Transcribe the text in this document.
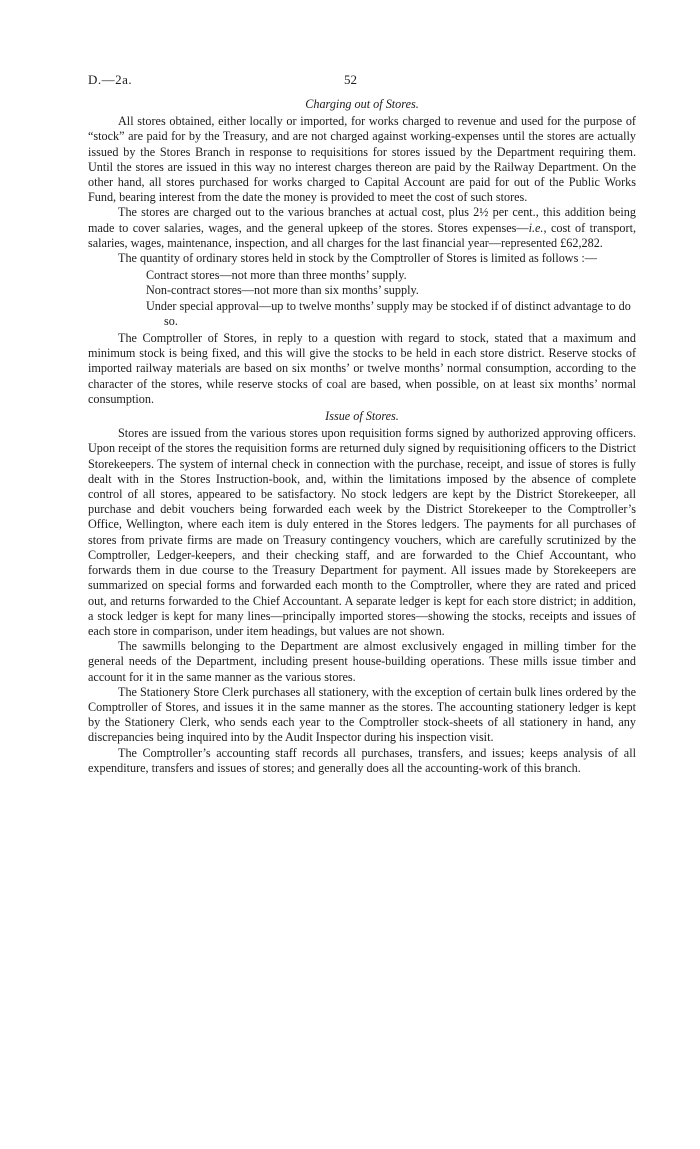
D.—2a.	52
Charging out of Stores.

All stores obtained, either locally or imported, for works charged to revenue and used for the purpose of “stock” are paid for by the Treasury, and are not charged against working-expenses until the stores are actually issued by the Stores Branch in response to requisitions for stores issued by the Department requiring them. Until the stores are issued in this way no interest charges thereon are paid by the Railway Department. On the other hand, all stores purchased for works charged to Capital Account are paid for out of the Public Works Fund, bearing interest from the date the money is provided to meet the cost of such stores.

The stores are charged out to the various branches at actual cost, plus 2½ per cent., this addition being made to cover salaries, wages, and the general upkeep of the stores. Stores expenses—i.e., cost of transport, salaries, wages, maintenance, inspection, and all charges for the last financial year—represented £62,282.

The quantity of ordinary stores held in stock by the Comptroller of Stores is limited as follows :—

Contract stores—not more than three months’ supply.
Non-contract stores—not more than six months’ supply.
Under special approval—up to twelve months’ supply may be stocked if of distinct advantage to do so.

The Comptroller of Stores, in reply to a question with regard to stock, stated that a maximum and minimum stock is being fixed, and this will give the stocks to be held in each store district. Reserve stocks of imported railway materials are based on six months’ or twelve months’ normal consumption, according to the character of the stores, while reserve stocks of coal are based, when possible, on at least six months’ normal consumption.

Issue of Stores.

Stores are issued from the various stores upon requisition forms signed by authorized approving officers. Upon receipt of the stores the requisition forms are returned duly signed by requisitioning officers to the District Storekeepers. The system of internal check in connection with the purchase, receipt, and issue of stores is fully dealt with in the Stores Instruction-book, and, within the limitations imposed by the absence of complete control of all stores, appeared to be satisfactory. No stock ledgers are kept by the District Storekeeper, all purchase and debit vouchers being forwarded each week by the District Storekeeper to the Comptroller’s Office, Wellington, where each item is duly entered in the Stores ledgers. The payments for all purchases of stores from private firms are made on Treasury contingency vouchers, which are carefully scrutinized by the Comptroller, Ledger-keepers, and their checking staff, and are forwarded to the Chief Accountant, who forwards them in due course to the Treasury Department for payment. All issues made by Storekeepers are summarized on special forms and forwarded each month to the Comptroller, where they are rated and priced out, and returns forwarded to the Chief Accountant. A separate ledger is kept for each store district; in addition, a stock ledger is kept for many lines—principally imported stores—showing the stocks, receipts and issues of each store in comparison, under item headings, but values are not shown.

The sawmills belonging to the Department are almost exclusively engaged in milling timber for the general needs of the Department, including present house-building operations. These mills issue timber and account for it in the same manner as the various stores.

The Stationery Store Clerk purchases all stationery, with the exception of certain bulk lines ordered by the Comptroller of Stores, and issues it in the same manner as the stores. The accounting stationery ledger is kept by the Stationery Clerk, who sends each year to the Comptroller stock-sheets of all stationery in hand, any discrepancies being inquired into by the Audit Inspector during his inspection visit.

The Comptroller’s accounting staff records all purchases, transfers, and issues; keeps analysis of all expenditure, transfers and issues of stores; and generally does all the accounting-work of this branch.
